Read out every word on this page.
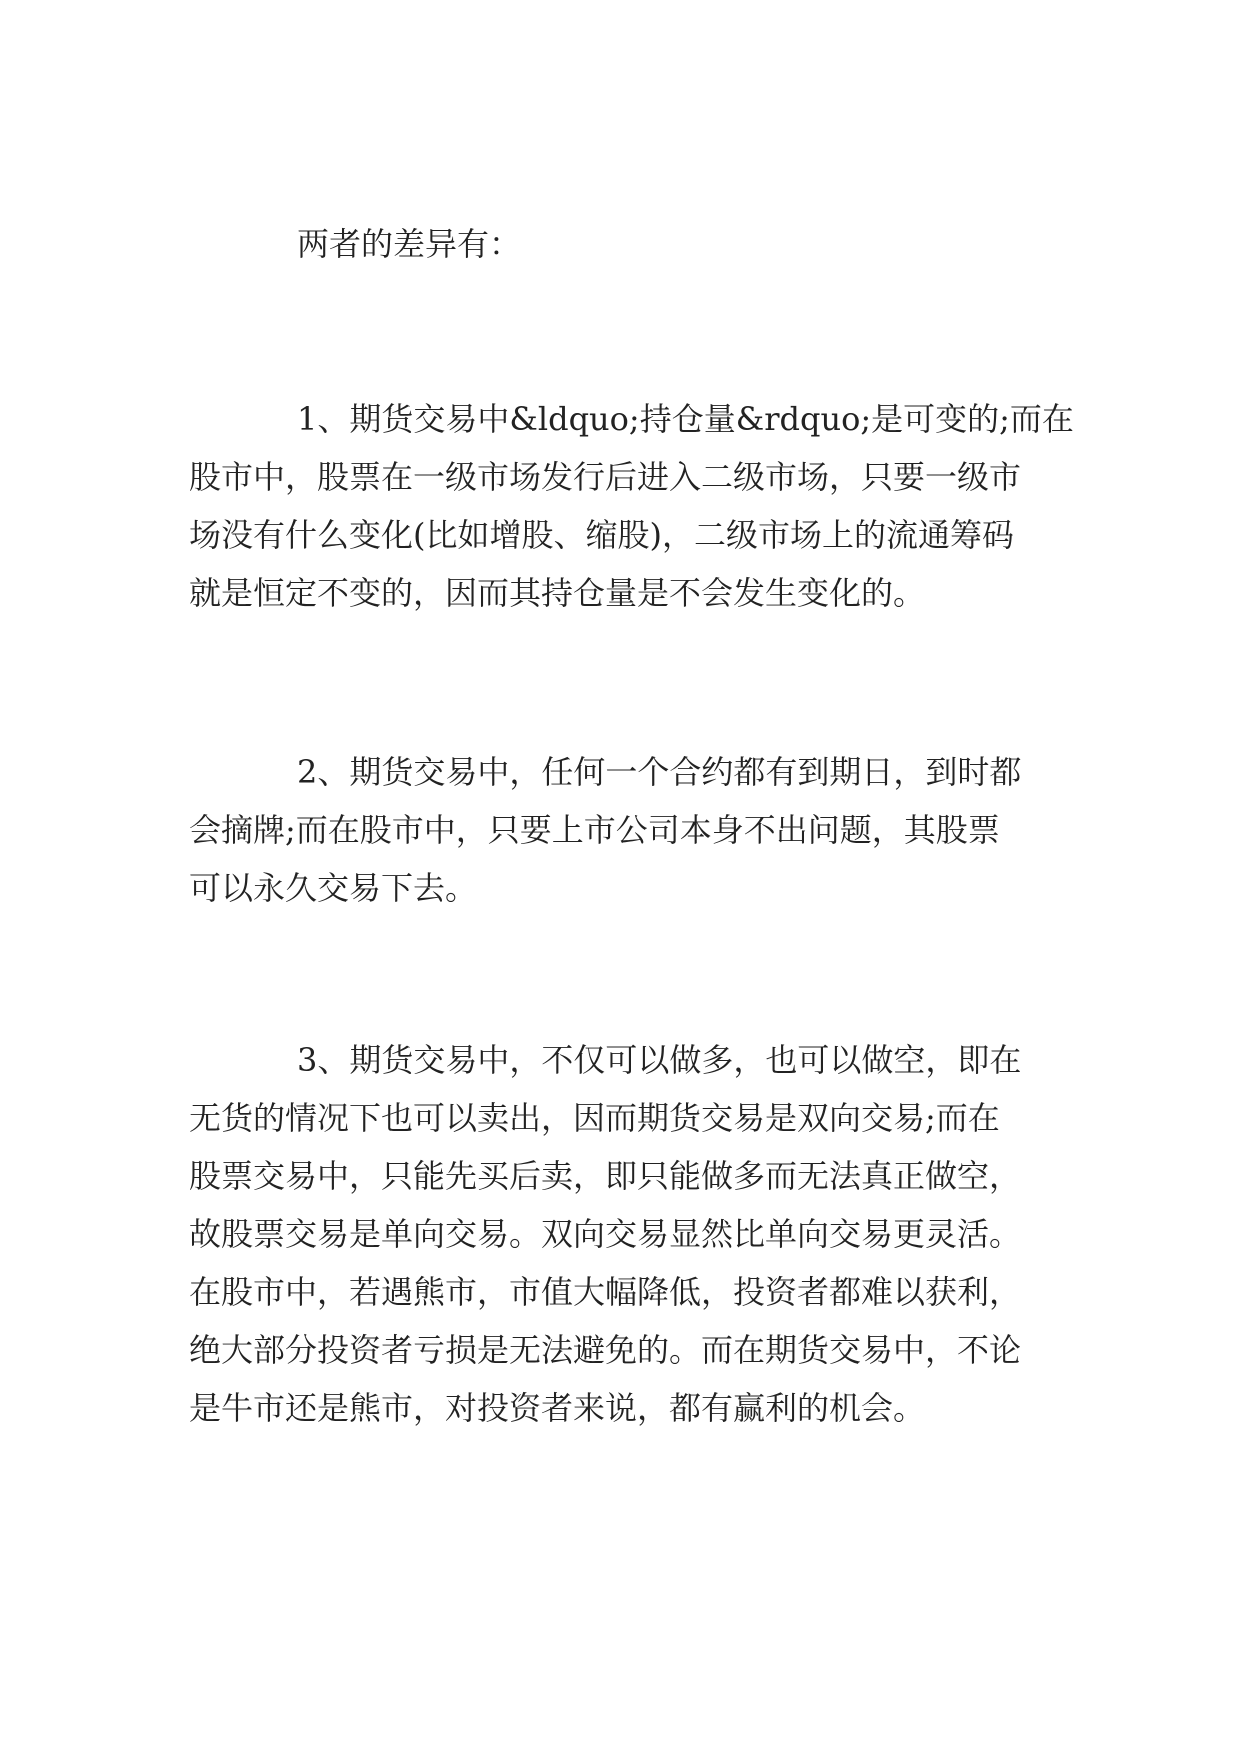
两者的差异有：
1、期货交易中&ldquo;持仓量&rdquo;是可变的;而在
股市中，股票在一级市场发行后进入二级市场，只要一级市
场没有什么变化(比如增股、缩股)，二级市场上的流通筹码
就是恒定不变的，因而其持仓量是不会发生变化的。
2、期货交易中，任何一个合约都有到期日，到时都
会摘牌;而在股市中，只要上市公司本身不出问题，其股票
可以永久交易下去。
3、期货交易中，不仅可以做多，也可以做空，即在
无货的情况下也可以卖出，因而期货交易是双向交易;而在
股票交易中，只能先买后卖，即只能做多而无法真正做空，
故股票交易是单向交易。双向交易显然比单向交易更灵活。
在股市中，若遇熊市，市值大幅降低，投资者都难以获利，
绝大部分投资者亏损是无法避免的。而在期货交易中，不论
是牛市还是熊市，对投资者来说，都有赢利的机会。
